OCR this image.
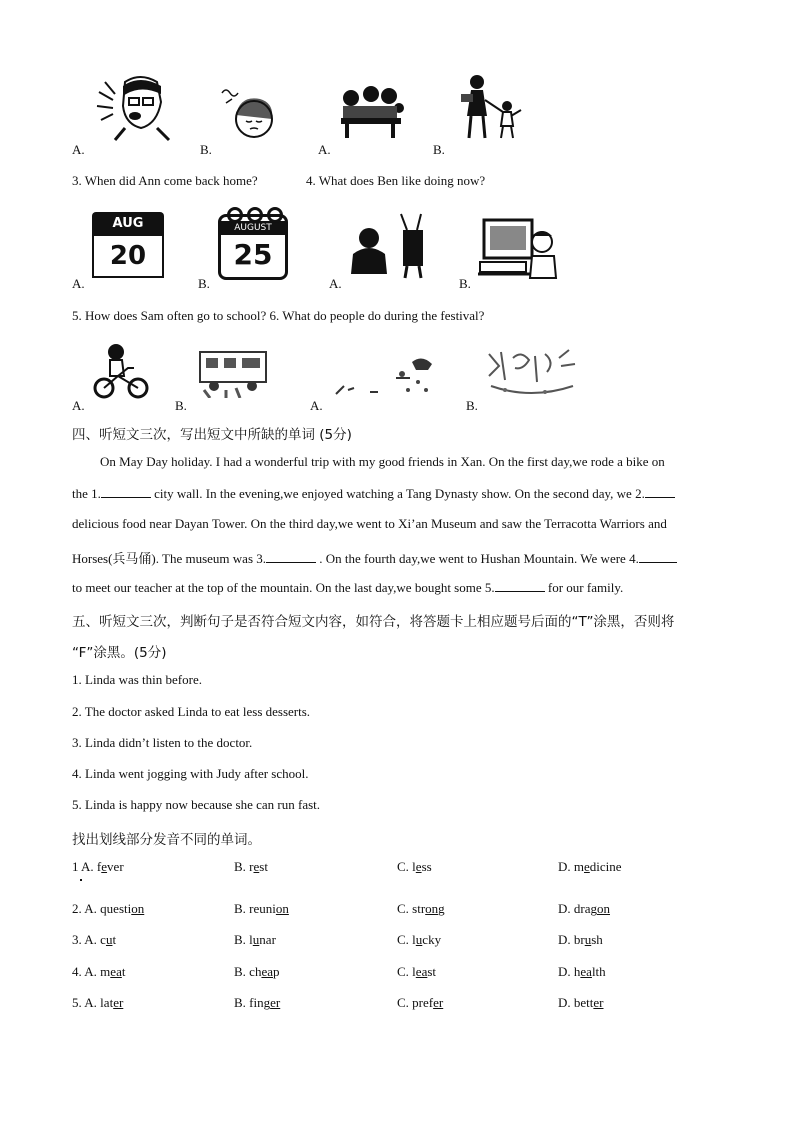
A.	B.	A.	B.
3. When did Ann come back home?	4. What does Ben like doing now?
AUG
20
A.
AUGUST
25
B.	A.	B.
5. How does Sam often go to school? 6. What do people do during the festival?
A.	B.	A.	B.
四、听短文三次，写出短文中所缺的单词 (5分)
On May Day holiday. I had a wonderful trip with my good friends in Xan. On the first day,we rode a bike on
the 1.	city wall. In the evening,we enjoyed watching a Tang Dynasty show. On the second day, we 2.
delicious food near Dayan Tower. On the third day,we went to Xi’an Museum and saw the Terracotta Warriors and
Horses(兵马俑). The museum was 3.	. On the fourth day,we went to Hushan Mountain. We were 4.
to meet our teacher at the top of the mountain. On the last day,we bought some 5.	for our family.
五、听短文三次，判断句子是否符合短文内容，如符合，将答题卡上相应题号后面的“T”涂黑，否则将
“F”涂黑。(5分)
1. Linda was thin before.
2. The doctor asked Linda to eat less desserts.
3. Linda didn’t listen to the doctor.
4. Linda went jogging with Judy after school.
5. Linda is happy now because she can run fast.
找出划线部分发音不同的单词。
1 A. fever	B. rest	C. less	D. medicine
2. A. question	B. reunion	C. strong	D. dragon
3. A. cut	B. lunar	C. lucky	D. brush
4. A. meat	B. cheap	C. least	D. health
5. A. later	B. finger	C. prefer	D. better
